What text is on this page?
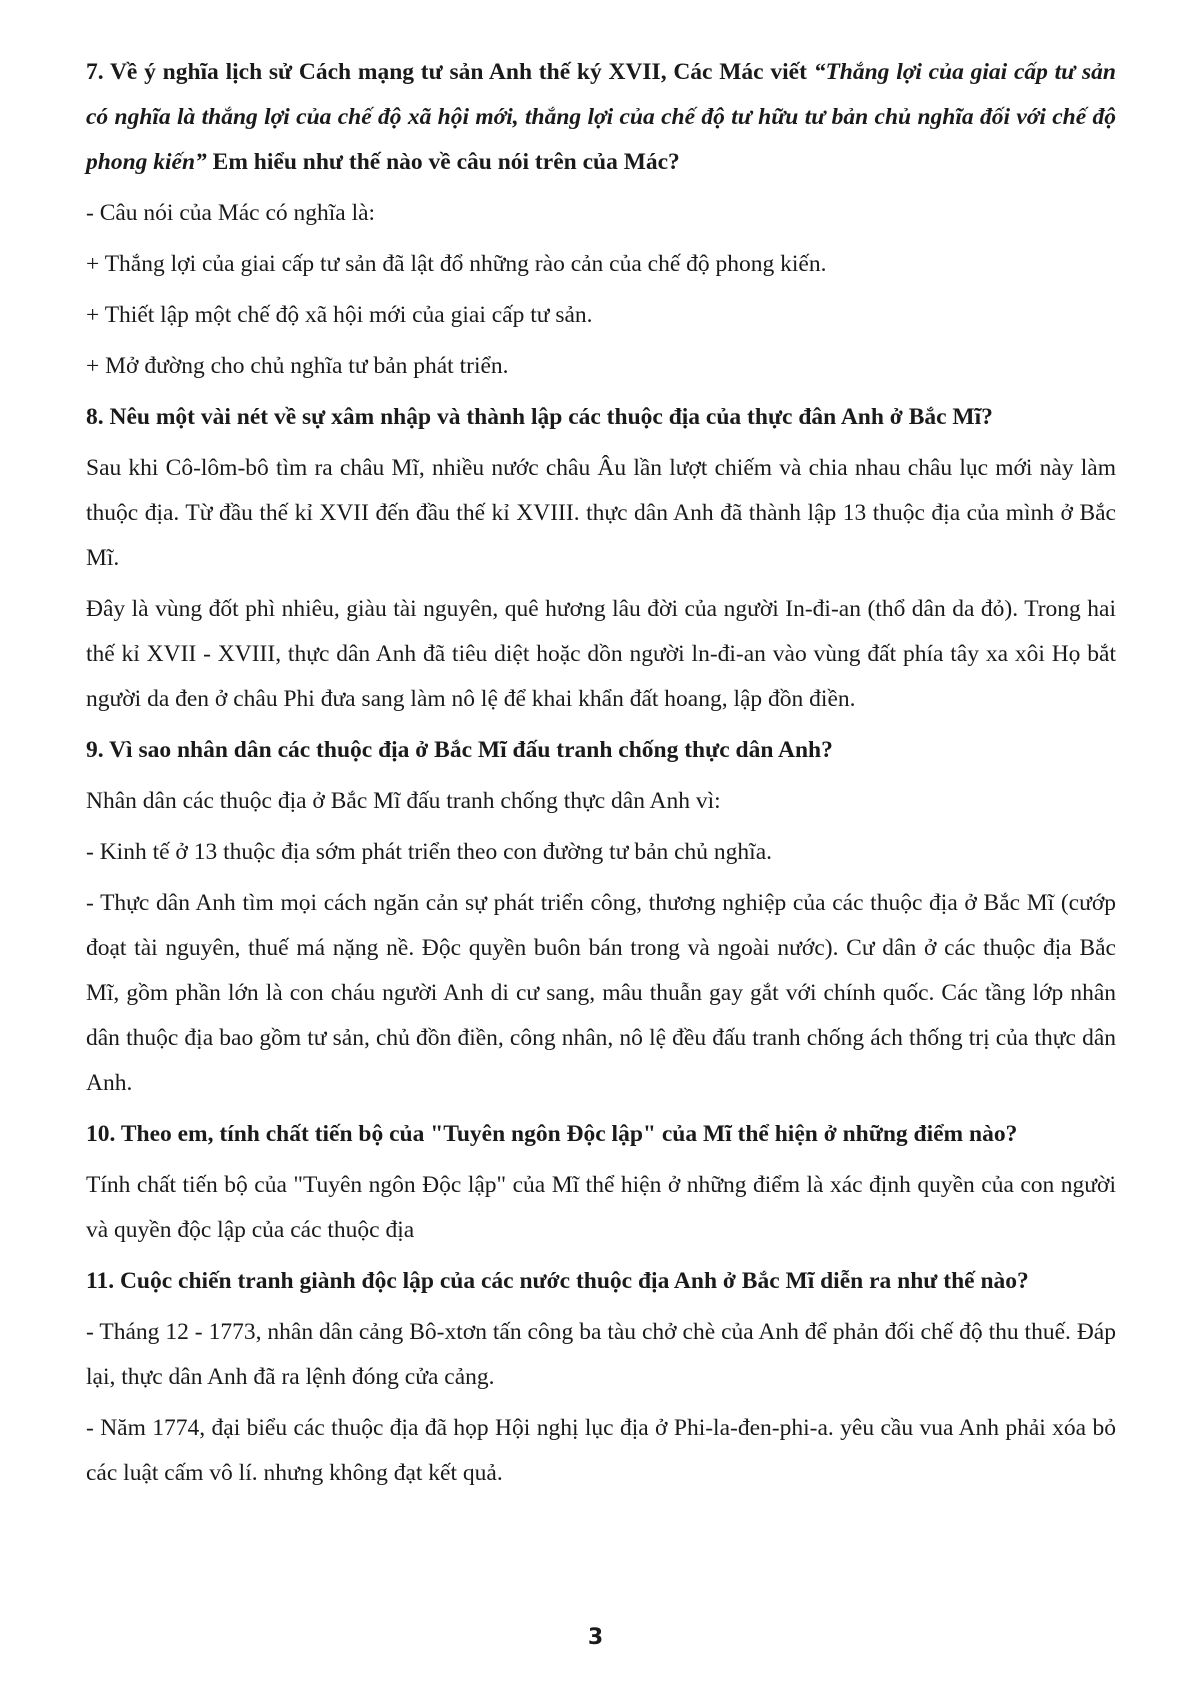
7. Về ý nghĩa lịch sử Cách mạng tư sản Anh thế ký XVII, Các Mác viết “Thắng lợi của giai cấp tư sản có nghĩa là thắng lợi của chế độ xã hội mới, thắng lợi của chế độ tư hữu tư bản chủ nghĩa đối với chế độ phong kiến” Em hiểu như thế nào về câu nói trên của Mác?

- Câu nói của Mác có nghĩa là:

+ Thắng lợi của giai cấp tư sản đã lật đổ những rào cản của chế độ phong kiến.

+ Thiết lập một chế độ xã hội mới của giai cấp tư sản.

+ Mở đường cho chủ nghĩa tư bản phát triển.

8. Nêu một vài nét về sự xâm nhập và thành lập các thuộc địa của thực đân Anh ở Bắc Mĩ?

Sau khi Cô-lôm-bô tìm ra châu Mĩ, nhiều nước châu Âu lần lượt chiếm và chia nhau châu lục mới này làm thuộc địa. Từ đầu thế kỉ XVII đến đầu thế kỉ XVIII. thực dân Anh đã thành lập 13 thuộc địa của mình ở Bắc Mĩ.

Đây là vùng đốt phì nhiêu, giàu tài nguyên, quê hương lâu đời của người In-đi-an (thổ dân da đỏ). Trong hai thế kỉ XVII - XVIII, thực dân Anh đã tiêu diệt hoặc dồn người ln-đi-an vào vùng đất phía tây xa xôi Họ bắt người da đen ở châu Phi đưa sang làm nô lệ để khai khẩn đất hoang, lập đồn điền.

9. Vì sao nhân dân các thuộc địa ở Bắc Mĩ đấu tranh chống thực dân Anh?

Nhân dân các thuộc địa ở Bắc Mĩ đấu tranh chống thực dân Anh vì:

- Kinh tế ở 13 thuộc địa sớm phát triển theo con đường tư bản chủ nghĩa.

- Thực dân Anh tìm mọi cách ngăn cản sự phát triển công, thương nghiệp của các thuộc địa ở Bắc Mĩ (cướp đoạt tài nguyên, thuế má nặng nề. Độc quyền buôn bán trong và ngoài nước). Cư dân ở các thuộc địa Bắc Mĩ, gồm phần lớn là con cháu người Anh di cư sang, mâu thuẫn gay gắt với chính quốc. Các tầng lớp nhân dân thuộc địa bao gồm tư sản, chủ đồn điền, công nhân, nô lệ đều đấu tranh chống ách thống trị của thực dân Anh.

10. Theo em, tính chất tiến bộ của "Tuyên ngôn Độc lập" của Mĩ thể hiện ở những điểm nào?

Tính chất tiến bộ của "Tuyên ngôn Độc lập" của Mĩ thể hiện ở những điểm là xác định quyền của con người và quyền độc lập của các thuộc địa

11. Cuộc chiến tranh giành độc lập của các nước thuộc địa Anh ở Bắc Mĩ diễn ra như thế nào?

- Tháng 12 - 1773, nhân dân cảng Bô-xtơn tấn công ba tàu chở chè của Anh để phản đối chế độ thu thuế. Đáp lại, thực dân Anh đã ra lệnh đóng cửa cảng.

- Năm 1774, đại biểu các thuộc địa đã họp Hội nghị lục địa ở Phi-la-đen-phi-a. yêu cầu vua Anh phải xóa bỏ các luật cấm vô lí. nhưng không đạt kết quả.

3
